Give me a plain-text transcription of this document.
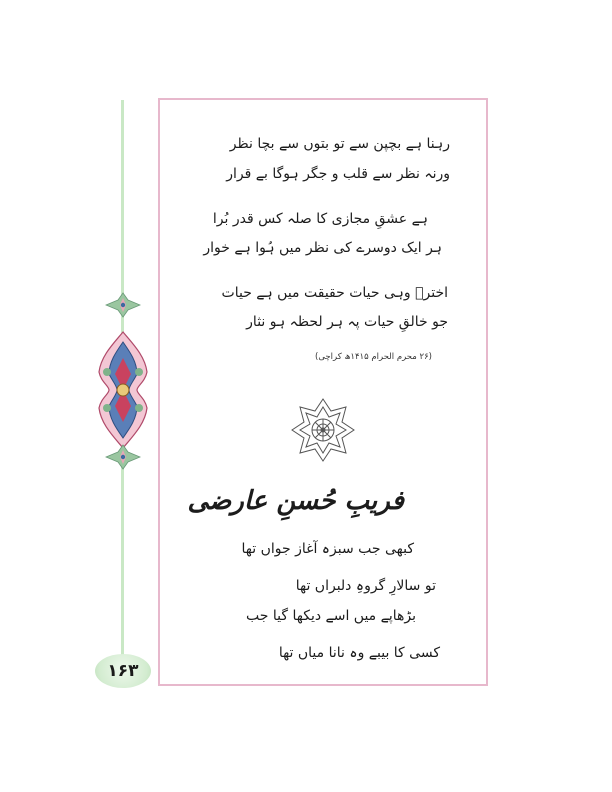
رہنا ہے بچپن سے تو بتوں سے بچا نظر
ورنہ نظر سے قلب و جگر ہوگا بے قرار
ہے عشقِ مجازی کا صلہ کس قدر بُرا
ہر ایک دوسرے کی نظر میں ہُوا ہے خوار
اخترؔ وہی حیات حقیقت میں ہے حیات
جو خالقِ حیات پہ ہر لحظہ ہو نثار
(۲۶ محرم الحرام ۱۴۱۵ھ کراچی)
فریبِ حُسنِ عارضی
کبھی جب سبزہ آغاز جواں تھا
تو سالارِ گروہِ دلبراں تھا
بڑھاپے میں اسے دیکھا گیا جب
کسی کا بیبے وہ نانا میاں تھا
۱۶۳
